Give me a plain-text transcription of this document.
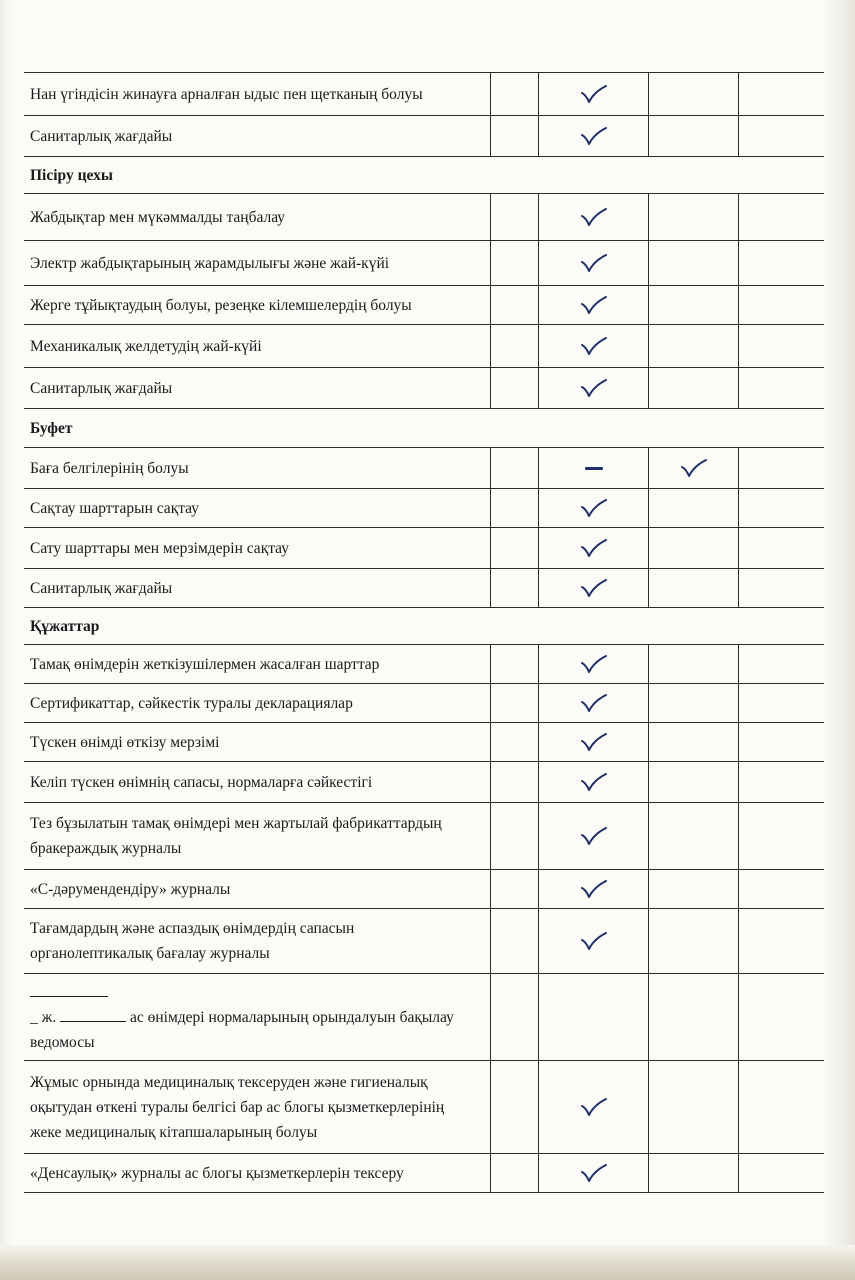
Нан үгіндісін жинауға арналған ыдыс пен щетканың болуы
Санитарлық жағдайы
Пісіру цехы
Жабдықтар мен мүкәммалды таңбалау
Электр жабдықтарының жарамдылығы және жай-күйі
Жерге тұйықтаудың болуы, резеңке кілемшелердің болуы
Механикалық желдетудің жай-күйі
Санитарлық жағдайы
Буфет
Баға белгілерінің болуы
Сақтау шарттарын сақтау
Сату шарттары мен мерзімдерін сақтау
Санитарлық жағдайы
Құжаттар
Тамақ өнімдерін жеткізушілермен жасалған шарттар
Сертификаттар, сәйкестік туралы декларациялар
Түскен өнімді өткізу мерзімі
Келіп түскен өнімнің сапасы, нормаларға сәйкестігі
Тез бұзылатын тамақ өнімдері мен жартылай фабрикаттардың
бракераждық журналы
«С-дәрумендендіру» журналы
Тағамдардың және аспаздық өнімдердің сапасын
органолептикалық бағалау журналы
_ ж.	ас өнімдері нормаларының орындалуын бақылау
ведомосы
Жұмыс орнында медициналық тексеруден және гигиеналық
оқытудан өткені туралы белгісі бар ас блогы қызметкерлерінің
жеке медициналық кітапшаларының болуы
«Денсаулық» журналы ас блогы қызметкерлерін тексеру
